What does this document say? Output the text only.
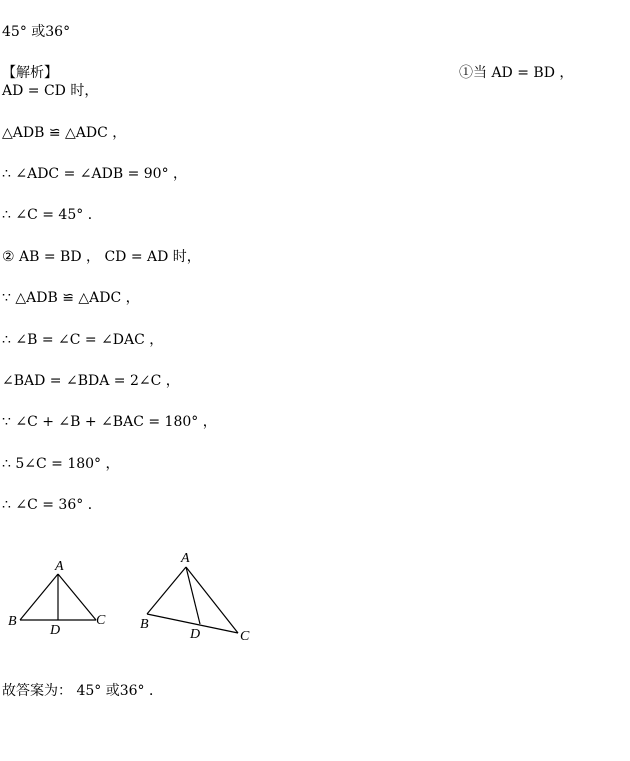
45° 或36°
【解析】	①当 AD = BD ，
AD = CD 时，
△ADB ≌ △ADC ，
∴ ∠ADC = ∠ADB = 90° ，
∴ ∠C = 45° ．
② AB = BD ， CD = AD 时，
∵ △ADB ≌ △ADC ，
∴ ∠B = ∠C = ∠DAC ，
∠BAD = ∠BDA = 2∠C ，
∵ ∠C + ∠B + ∠BAC = 180° ，
∴ 5∠C = 180° ，
∴ ∠C = 36° ．
A
B	C
D
A
B
C
D
故答案为： 45° 或36° ．
